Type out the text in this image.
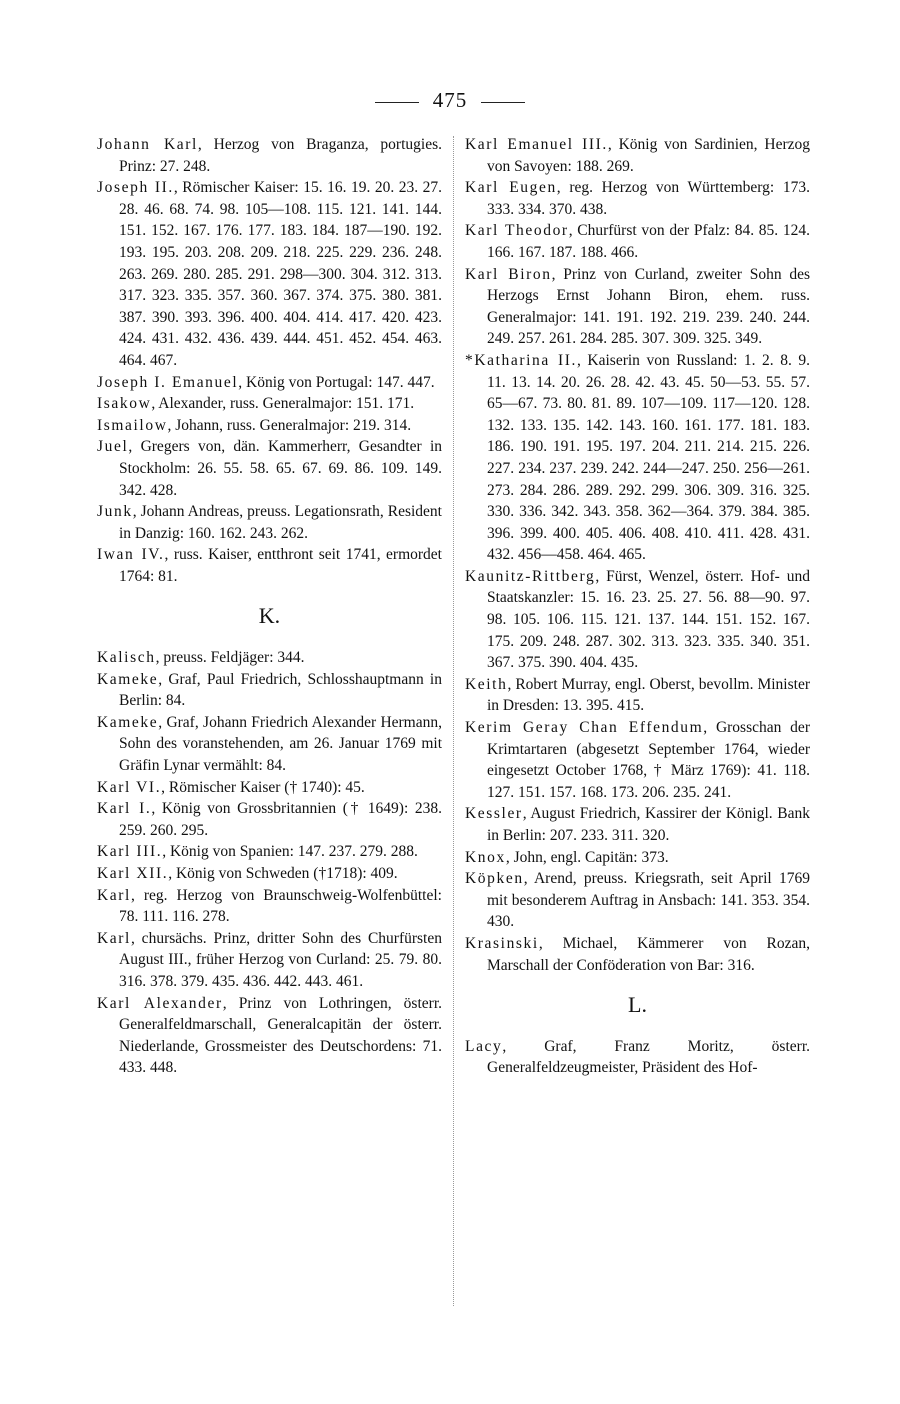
475

Johann Karl, Herzog von Braganza, portugies. Prinz: 27. 248.

Joseph II., Römischer Kaiser: 15. 16. 19. 20. 23. 27. 28. 46. 68. 74. 98. 105—108. 115. 121. 141. 144. 151. 152. 167. 176. 177. 183. 184. 187—190. 192. 193. 195. 203. 208. 209. 218. 225. 229. 236. 248. 263. 269. 280. 285. 291. 298—300. 304. 312. 313. 317. 323. 335. 357. 360. 367. 374. 375. 380. 381. 387. 390. 393. 396. 400. 404. 414. 417. 420. 423. 424. 431. 432. 436. 439. 444. 451. 452. 454. 463. 464. 467.

Joseph I. Emanuel, König von Portugal: 147. 447.

Isakow, Alexander, russ. Generalmajor: 151. 171.

Ismailow, Johann, russ. Generalmajor: 219. 314.

Juel, Gregers von, dän. Kammerherr, Gesandter in Stockholm: 26. 55. 58. 65. 67. 69. 86. 109. 149. 342. 428.

Junk, Johann Andreas, preuss. Legationsrath, Resident in Danzig: 160. 162. 243. 262.

Iwan IV., russ. Kaiser, entthront seit 1741, ermordet 1764: 81.

K.

Kalisch, preuss. Feldjäger: 344.

Kameke, Graf, Paul Friedrich, Schlosshauptmann in Berlin: 84.

Kameke, Graf, Johann Friedrich Alexander Hermann, Sohn des voranstehenden, am 26. Januar 1769 mit Gräfin Lynar vermählt: 84.

Karl VI., Römischer Kaiser († 1740): 45.

Karl I., König von Grossbritannien († 1649): 238. 259. 260. 295.

Karl III., König von Spanien: 147. 237. 279. 288.

Karl XII., König von Schweden (†1718): 409.

Karl, reg. Herzog von Braunschweig-Wolfenbüttel: 78. 111. 116. 278.

Karl, chursächs. Prinz, dritter Sohn des Churfürsten August III., früher Herzog von Curland: 25. 79. 80. 316. 378. 379. 435. 436. 442. 443. 461.

Karl Alexander, Prinz von Lothringen, österr. Generalfeldmarschall, Generalcapitän der österr. Niederlande, Grossmeister des Deutschordens: 71. 433. 448.

Karl Emanuel III., König von Sardinien, Herzog von Savoyen: 188. 269.

Karl Eugen, reg. Herzog von Württemberg: 173. 333. 334. 370. 438.

Karl Theodor, Churfürst von der Pfalz: 84. 85. 124. 166. 167. 187. 188. 466.

Karl Biron, Prinz von Curland, zweiter Sohn des Herzogs Ernst Johann Biron, ehem. russ. Generalmajor: 141. 191. 192. 219. 239. 240. 244. 249. 257. 261. 284. 285. 307. 309. 325. 349.

*Katharina II., Kaiserin von Russland: 1. 2. 8. 9. 11. 13. 14. 20. 26. 28. 42. 43. 45. 50—53. 55. 57. 65—67. 73. 80. 81. 89. 107—109. 117—120. 128. 132. 133. 135. 142. 143. 160. 161. 177. 181. 183. 186. 190. 191. 195. 197. 204. 211. 214. 215. 226. 227. 234. 237. 239. 242. 244—247. 250. 256—261. 273. 284. 286. 289. 292. 299. 306. 309. 316. 325. 330. 336. 342. 343. 358. 362—364. 379. 384. 385. 396. 399. 400. 405. 406. 408. 410. 411. 428. 431. 432. 456—458. 464. 465.

Kaunitz-Rittberg, Fürst, Wenzel, österr. Hof- und Staatskanzler: 15. 16. 23. 25. 27. 56. 88—90. 97. 98. 105. 106. 115. 121. 137. 144. 151. 152. 167. 175. 209. 248. 287. 302. 313. 323. 335. 340. 351. 367. 375. 390. 404. 435.

Keith, Robert Murray, engl. Oberst, bevollm. Minister in Dresden: 13. 395. 415.

Kerim Geray Chan Effendum, Grosschan der Krimtartaren (abgesetzt September 1764, wieder eingesetzt October 1768, † März 1769): 41. 118. 127. 151. 157. 168. 173. 206. 235. 241.

Kessler, August Friedrich, Kassirer der Königl. Bank in Berlin: 207. 233. 311. 320.

Knox, John, engl. Capitän: 373.

Köpken, Arend, preuss. Kriegsrath, seit April 1769 mit besonderem Auftrag in Ansbach: 141. 353. 354. 430.

Krasinski, Michael, Kämmerer von Rozan, Marschall der Conföderation von Bar: 316.

L.

Lacy, Graf, Franz Moritz, österr. Generalfeldzeugmeister, Präsident des Hof-
